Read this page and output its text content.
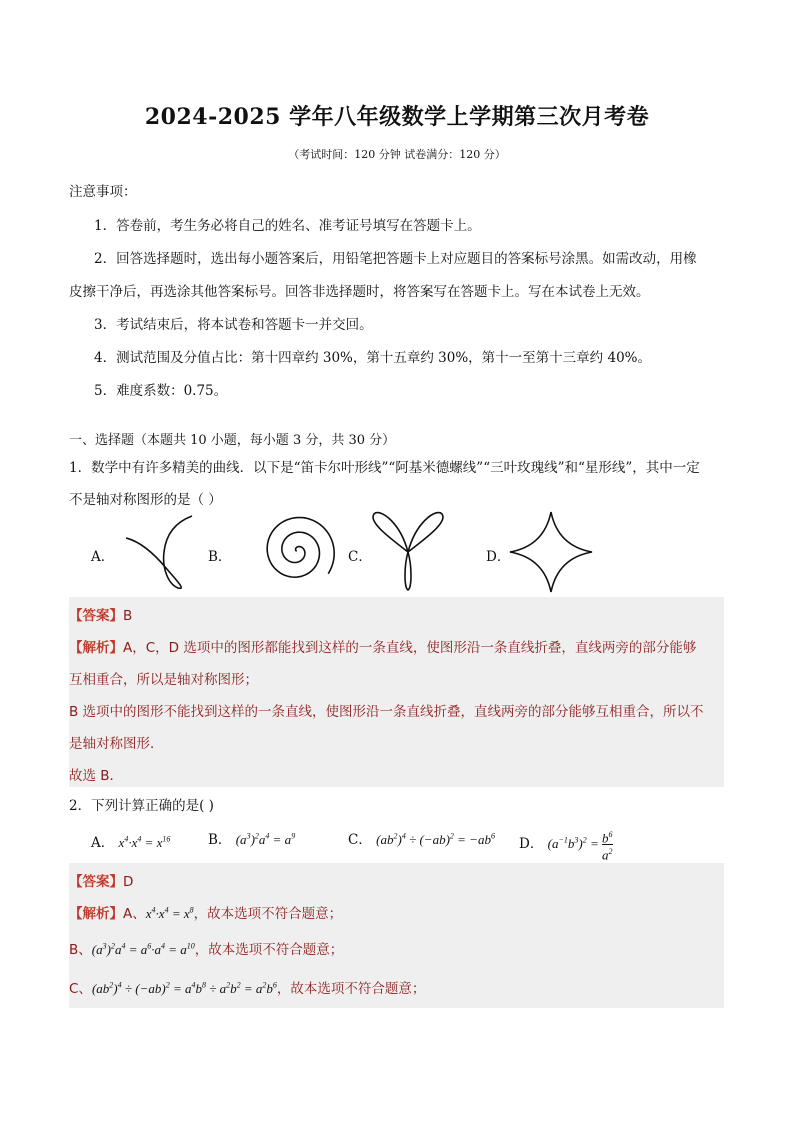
2024-2025 学年八年级数学上学期第三次月考卷
（考试时间：120 分钟 试卷满分：120 分）
注意事项：
1．答卷前，考生务必将自己的姓名、准考证号填写在答题卡上。
2．回答选择题时，选出每小题答案后，用铅笔把答题卡上对应题目的答案标号涂黑。如需改动，用橡
皮擦干净后，再选涂其他答案标号。回答非选择题时，将答案写在答题卡上。写在本试卷上无效。
3．考试结束后，将本试卷和答题卡一并交回。
4．测试范围及分值占比：第十四章约 30%，第十五章约 30%，第十一至第十三章约 40%。
5．难度系数：0.75。
一、选择题（本题共 10 小题，每小题 3 分，共 30 分）
1．数学中有许多精美的曲线．以下是“笛卡尔叶形线”“阿基米德螺线”“三叶玫瑰线”和“星形线”，其中一定
不是轴对称图形的是（ ）
A．	B．	C．	D．
【答案】B
【解析】A，C，D 选项中的图形都能找到这样的一条直线，使图形沿一条直线折叠，直线两旁的部分能够
互相重合，所以是轴对称图形；
B 选项中的图形不能找到这样的一条直线，使图形沿一条直线折叠，直线两旁的部分能够互相重合，所以不
是轴对称图形．
故选 B．
2．下列计算正确的是( )
A． $x^4\cdot x^4 = x^{16}$	B． $(a^3)^2a^4 = a^9$	C． $(ab^2)^4 \div (-ab)^2 = -ab^6$ D． $(a^{-1}b^3)^2 = \frac{b^6}{a^2}$
【答案】D
【解析】A、$x^4\cdot x^4 = x^8$，故本选项不符合题意；
B、$(a^3)^2a^4 = a^6\cdot a^4 = a^{10}$，故本选项不符合题意；
C、$(ab^2)^4 \div (-ab)^2 = a^4b^8 \div a^2b^2 = a^2b^6$，故本选项不符合题意；
